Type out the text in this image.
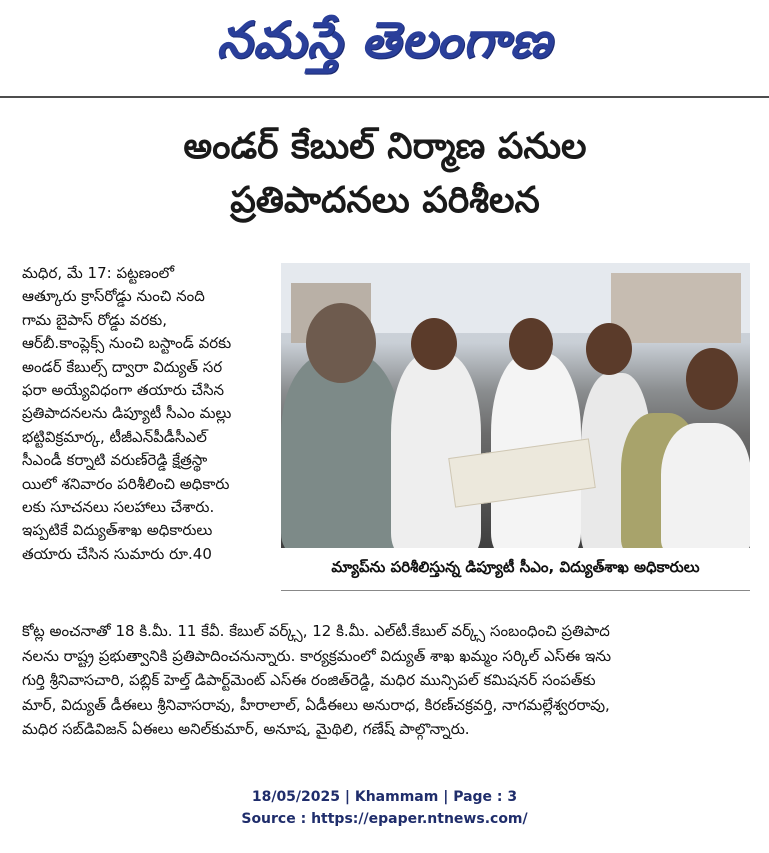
నమస్తే తెలంగాణ
అండర్‌ కేబుల్‌ నిర్మాణ పనుల
ప్రతిపాదనలు పరిశీలన

మధిర, మే 17: పట్టణంలో

ఆత్కూరు క్రాస్‌రోడ్డు నుంచి నంది

గామ బైపాస్‌ రోడ్డు వరకు,

ఆర్‌బీ.కాంప్లెక్స్‌ నుంచి బస్టాండ్‌ వరకు

అండర్‌ కేబుల్స్‌ ద్వారా విద్యుత్‌ సర

ఫరా అయ్యేవిధంగా తయారు చేసిన

ప్రతిపాదనలను డిప్యూటీ సీఎం మల్లు

భట్టివిక్రమార్క, టీజీఎన్‌పీడీసీఎల్‌

సీఎండీ కర్నాటి వరుణ్‌రెడ్డి క్షేత్రస్థా

యిలో శనివారం పరిశీలించి అధికారు

లకు సూచనలు సలహాలు చేశారు.

ఇప్పటికే విద్యుత్‌శాఖ అధికారులు

తయారు చేసిన సుమారు రూ.40

మ్యాప్‌ను పరిశీలిస్తున్న డిప్యూటీ సీఎం, విద్యుత్‌శాఖ అధికారులు

కోట్ల అంచనాతో 18 కి.మీ. 11 కేవీ. కేబుల్‌ వర్క్స్‌, 12 కి.మీ. ఎల్‌టీ.కేబుల్‌ వర్క్స్‌ సంబంధించి ప్రతిపాద

నలను రాష్ట్ర ప్రభుత్వానికి ప్రతిపాదించనున్నారు. కార్యక్రమంలో విద్యుత్‌ శాఖ ఖమ్మం సర్కిల్‌ ఎస్‌ఈ ఇను

గుర్తి శ్రీనివాసచారి, పబ్లిక్‌ హెల్త్‌ డిపార్ట్‌మెంట్‌ ఎస్‌ఈ రంజిత్‌రెడ్డి, మధిర మున్సిపల్‌ కమిషనర్‌ సంపత్‌కు

మార్‌, విద్యుత్‌ డీఈలు శ్రీనివాసరావు, హీరాలాల్‌, ఏడీఈలు అనురాధ, కిరణ్‌చక్రవర్తి, నాగమల్లేశ్వరరావు,

మధిర సబ్‌డివిజన్‌ ఏఈలు అనిల్‌కుమార్‌, అనూష, మైథిలి, గణేష్‌ పాల్గొన్నారు.

18/05/2025 | Khammam | Page : 3
Source : https://epaper.ntnews.com/
